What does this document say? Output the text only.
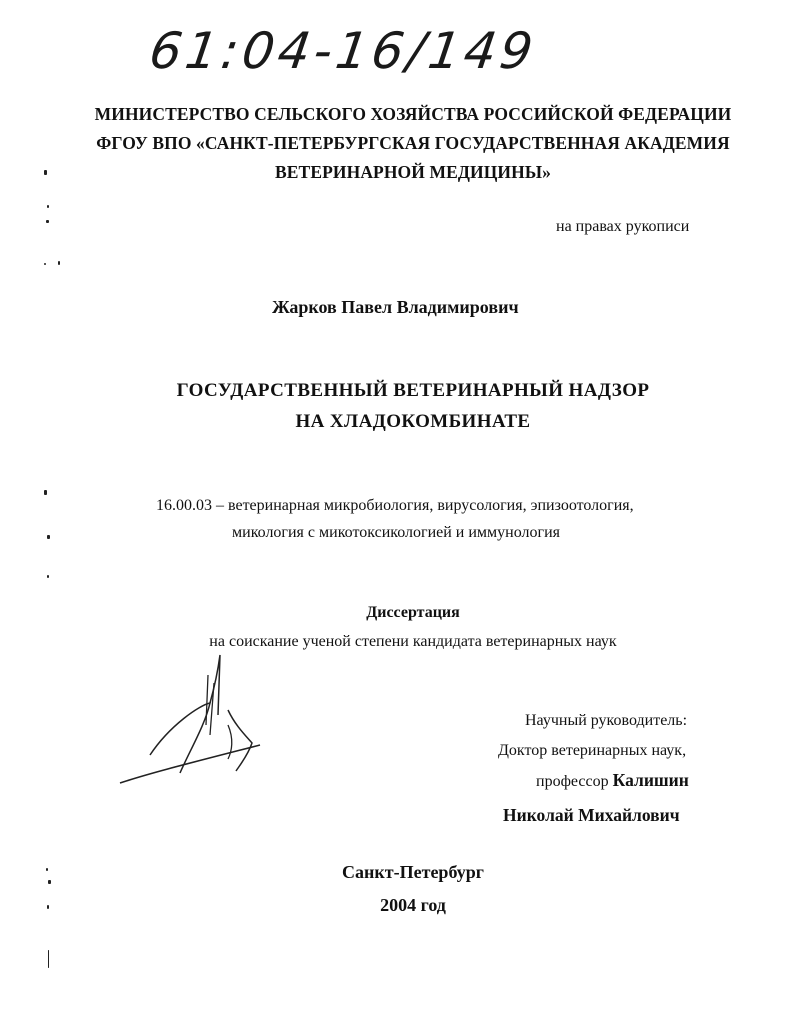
61:04-16/149
МИНИСТЕРСТВО СЕЛЬСКОГО ХОЗЯЙСТВА РОССИЙСКОЙ ФЕДЕРАЦИИ
ФГОУ ВПО «САНКТ-ПЕТЕРБУРГСКАЯ ГОСУДАРСТВЕННАЯ АКАДЕМИЯ
ВЕТЕРИНАРНОЙ МЕДИЦИНЫ»
на правах рукописи
Жарков Павел Владимирович
ГОСУДАРСТВЕННЫЙ ВЕТЕРИНАРНЫЙ НАДЗОР
НА ХЛАДОКОМБИНАТЕ
16.00.03 – ветеринарная микробиология, вирусология, эпизоотология,
микология с микотоксикологией и иммунология
Диссертация
на соискание ученой степени кандидата ветеринарных наук
Научный руководитель:
Доктор ветеринарных наук,
профессор Калишин
Николай Михайлович
Санкт-Петербург
2004 год
